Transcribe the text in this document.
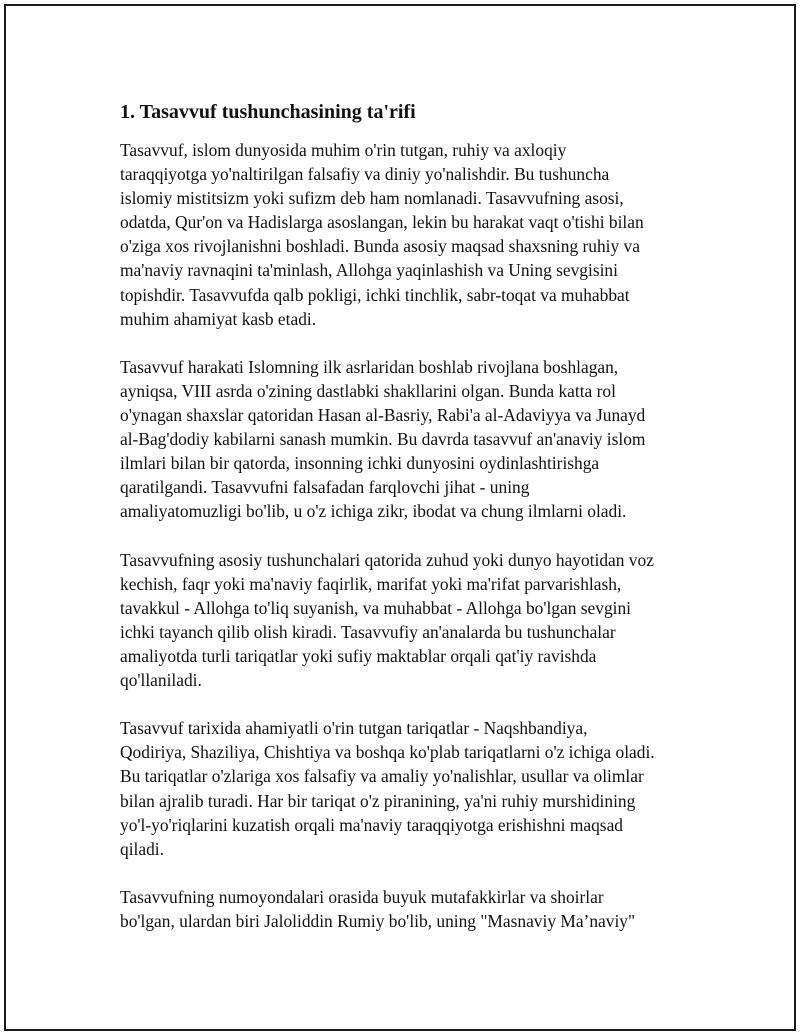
1. Tasavvuf tushunchasining ta'rifi

Tasavvuf, islom dunyosida muhim o'rin tutgan, ruhiy va axloqiy
taraqqiyotga yo'naltirilgan falsafiy va diniy yo'nalishdir. Bu tushuncha
islomiy mistitsizm yoki sufizm deb ham nomlanadi. Tasavvufning asosi,
odatda, Qur'on va Hadislarga asoslangan, lekin bu harakat vaqt o'tishi bilan
o'ziga xos rivojlanishni boshladi. Bunda asosiy maqsad shaxsning ruhiy va
ma'naviy ravnaqini ta'minlash, Allohga yaqinlashish va Uning sevgisini
topishdir. Tasavvufda qalb pokligi, ichki tinchlik, sabr-toqat va muhabbat
muhim ahamiyat kasb etadi.

Tasavvuf harakati Islomning ilk asrlaridan boshlab rivojlana boshlagan,
ayniqsa, VIII asrda o'zining dastlabki shakllarini olgan. Bunda katta rol
o'ynagan shaxslar qatoridan Hasan al-Basriy, Rabi'a al-Adaviyya va Junayd
al-Bag'dodiy kabilarni sanash mumkin. Bu davrda tasavvuf an'anaviy islom
ilmlari bilan bir qatorda, insonning ichki dunyosini oydinlashtirishga
qaratilgandi. Tasavvufni falsafadan farqlovchi jihat - uning
amaliyatomuzligi bo'lib, u o'z ichiga zikr, ibodat va chung ilmlarni oladi.

Tasavvufning asosiy tushunchalari qatorida zuhud yoki dunyo hayotidan voz
kechish, faqr yoki ma'naviy faqirlik, marifat yoki ma'rifat parvarishlash,
tavakkul - Allohga to'liq suyanish, va muhabbat - Allohga bo'lgan sevgini
ichki tayanch qilib olish kiradi. Tasavvufiy an'analarda bu tushunchalar
amaliyotda turli tariqatlar yoki sufiy maktablar orqali qat'iy ravishda
qo'llaniladi.

Tasavvuf tarixida ahamiyatli o'rin tutgan tariqatlar - Naqshbandiya,
Qodiriya, Shaziliya, Chishtiya va boshqa ko'plab tariqatlarni o'z ichiga oladi.
Bu tariqatlar o'zlariga xos falsafiy va amaliy yo'nalishlar, usullar va olimlar
bilan ajralib turadi. Har bir tariqat o'z piranining, ya'ni ruhiy murshidining
yo'l-yo'riqlarini kuzatish orqali ma'naviy taraqqiyotga erishishni maqsad
qiladi.

Tasavvufning numoyondalari orasida buyuk mutafakkirlar va shoirlar
bo'lgan, ulardan biri Jaloliddin Rumiy bo'lib, uning "Masnaviy Ma’naviy"
